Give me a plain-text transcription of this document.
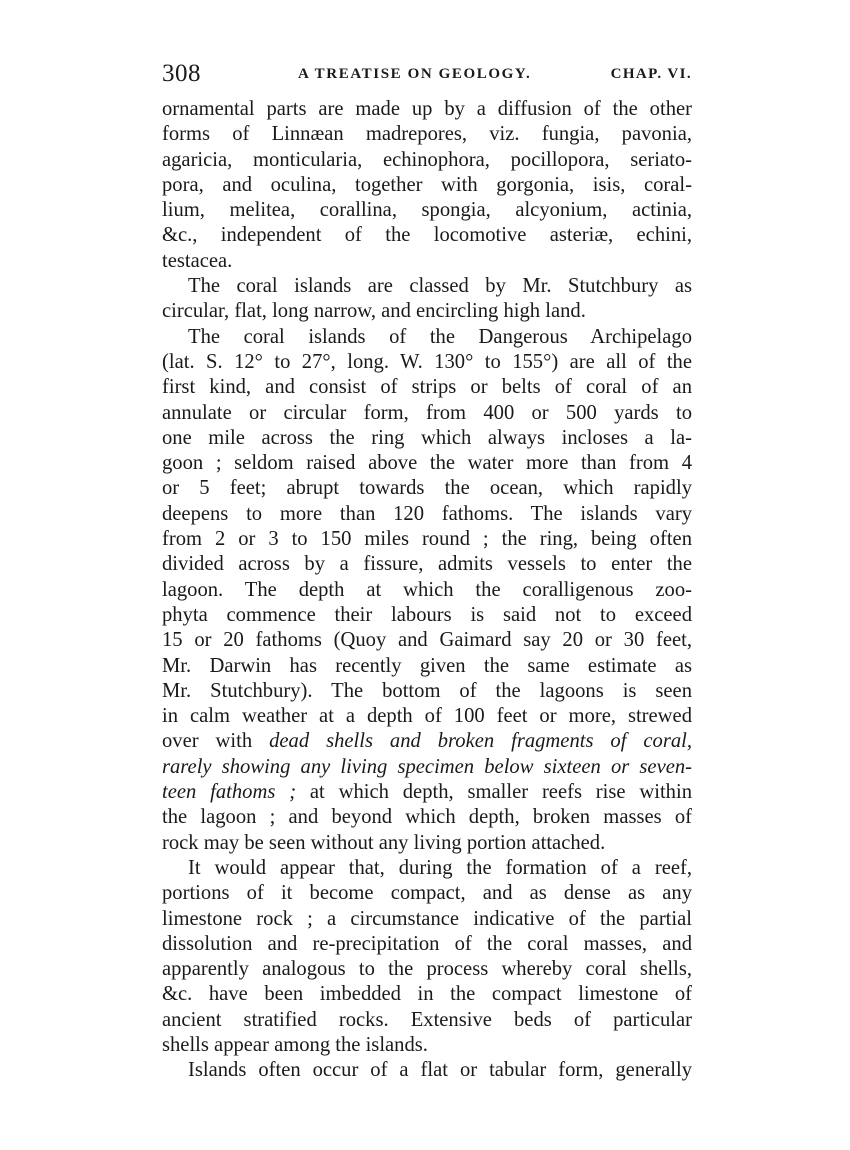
308	A TREATISE ON GEOLOGY.	CHAP. VI.
ornamental parts are made up by a diffusion of the other
forms of Linnæan madrepores, viz. fungia, pavonia,
agaricia, monticularia, echinophora, pocillopora, seriato-
pora, and oculina, together with gorgonia, isis, coral-
lium, melitea, corallina, spongia, alcyonium, actinia,
&c., independent of the locomotive asteriæ, echini,
testacea.
The coral islands are classed by Mr. Stutchbury as
circular, flat, long narrow, and encircling high land.
The coral islands of the Dangerous Archipelago
(lat. S. 12° to 27°, long. W. 130° to 155°) are all of the
first kind, and consist of strips or belts of coral of an
annulate or circular form, from 400 or 500 yards to
one mile across the ring which always incloses a la-
goon ; seldom raised above the water more than from 4
or 5 feet; abrupt towards the ocean, which rapidly
deepens to more than 120 fathoms. The islands vary
from 2 or 3 to 150 miles round ; the ring, being often
divided across by a fissure, admits vessels to enter the
lagoon. The depth at which the coralligenous zoo-
phyta commence their labours is said not to exceed
15 or 20 fathoms (Quoy and Gaimard say 20 or 30 feet,
Mr. Darwin has recently given the same estimate as
Mr. Stutchbury). The bottom of the lagoons is seen
in calm weather at a depth of 100 feet or more, strewed
over with dead shells and broken fragments of coral,
rarely showing any living specimen below sixteen or seven-
teen fathoms ; at which depth, smaller reefs rise within
the lagoon ; and beyond which depth, broken masses of
rock may be seen without any living portion attached.
It would appear that, during the formation of a reef,
portions of it become compact, and as dense as any
limestone rock ; a circumstance indicative of the partial
dissolution and re-precipitation of the coral masses, and
apparently analogous to the process whereby coral shells,
&c. have been imbedded in the compact limestone of
ancient stratified rocks. Extensive beds of particular
shells appear among the islands.
Islands often occur of a flat or tabular form, generally
